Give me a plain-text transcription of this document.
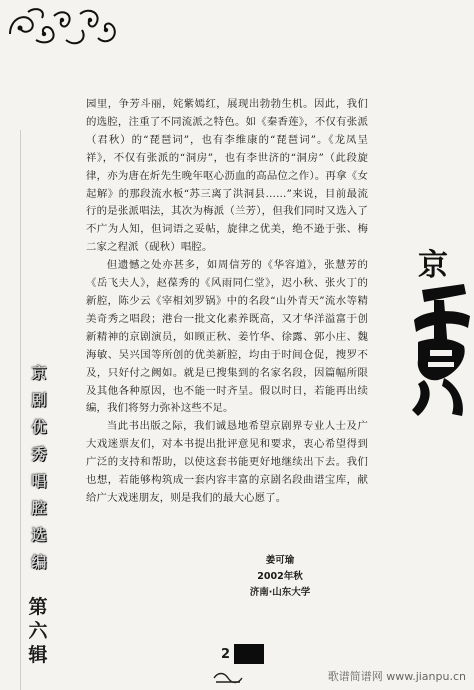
园里，争芳斗丽，姹紫嫣红，展现出勃勃生机。因此，我们的选腔，注重了不同流派之特色。如《秦香莲》，不仅有张派（君秋）的“琵琶词”，也有李维康的“琵琶词”。《龙凤呈祥》，不仅有张派的“洞房”，也有李世济的“洞房”（此段旋律，亦为唐在炘先生晚年呕心沥血的高品位之作）。再拿《女起解》的那段流水板“苏三离了洪洞县……”来说，目前最流行的是张派唱法，其次为梅派（兰芳），但我们同时又选入了不广为人知，但词语之妥帖，旋律之优美，绝不逊于张、梅二家之程派（砚秋）唱腔。

但遗憾之处亦甚多，如周信芳的《华容道》，张慧芳的《岳飞夫人》，赵葆秀的《风雨同仁堂》，迟小秋、张火丁的新腔，陈少云《宰相刘罗锅》中的名段“山外青天”流水等精美奇秀之唱段；港台一批文化素养既高，又才华洋溢富于创新精神的京剧演员，如顾正秋、姜竹华、徐露、郭小庄、魏海敏、吴兴国等所创的优美新腔，均由于时间仓促，搜罗不及，只好付之阙如。就是已搜集到的名家名段，因篇幅所限及其他各种原因，也不能一时齐呈。假以时日，若能再出续编，我们将努力弥补这些不足。

当此书出版之际，我们诚恳地希望京剧界专业人士及广大戏迷票友们，对本书提出批评意见和要求，衷心希望得到广泛的支持和帮助，以使这套书能更好地继续出下去。我们也想，若能够构筑成一套内容丰富的京剧名段曲谱宝库，献给广大戏迷朋友，则是我们的最大心愿了。

姜可瑜
2002年秋
济南·山东大学
京
剧
优
秀
唱
腔
选
编
第
六
辑
京
2
歌谱简谱网 www.jianpu.cn
